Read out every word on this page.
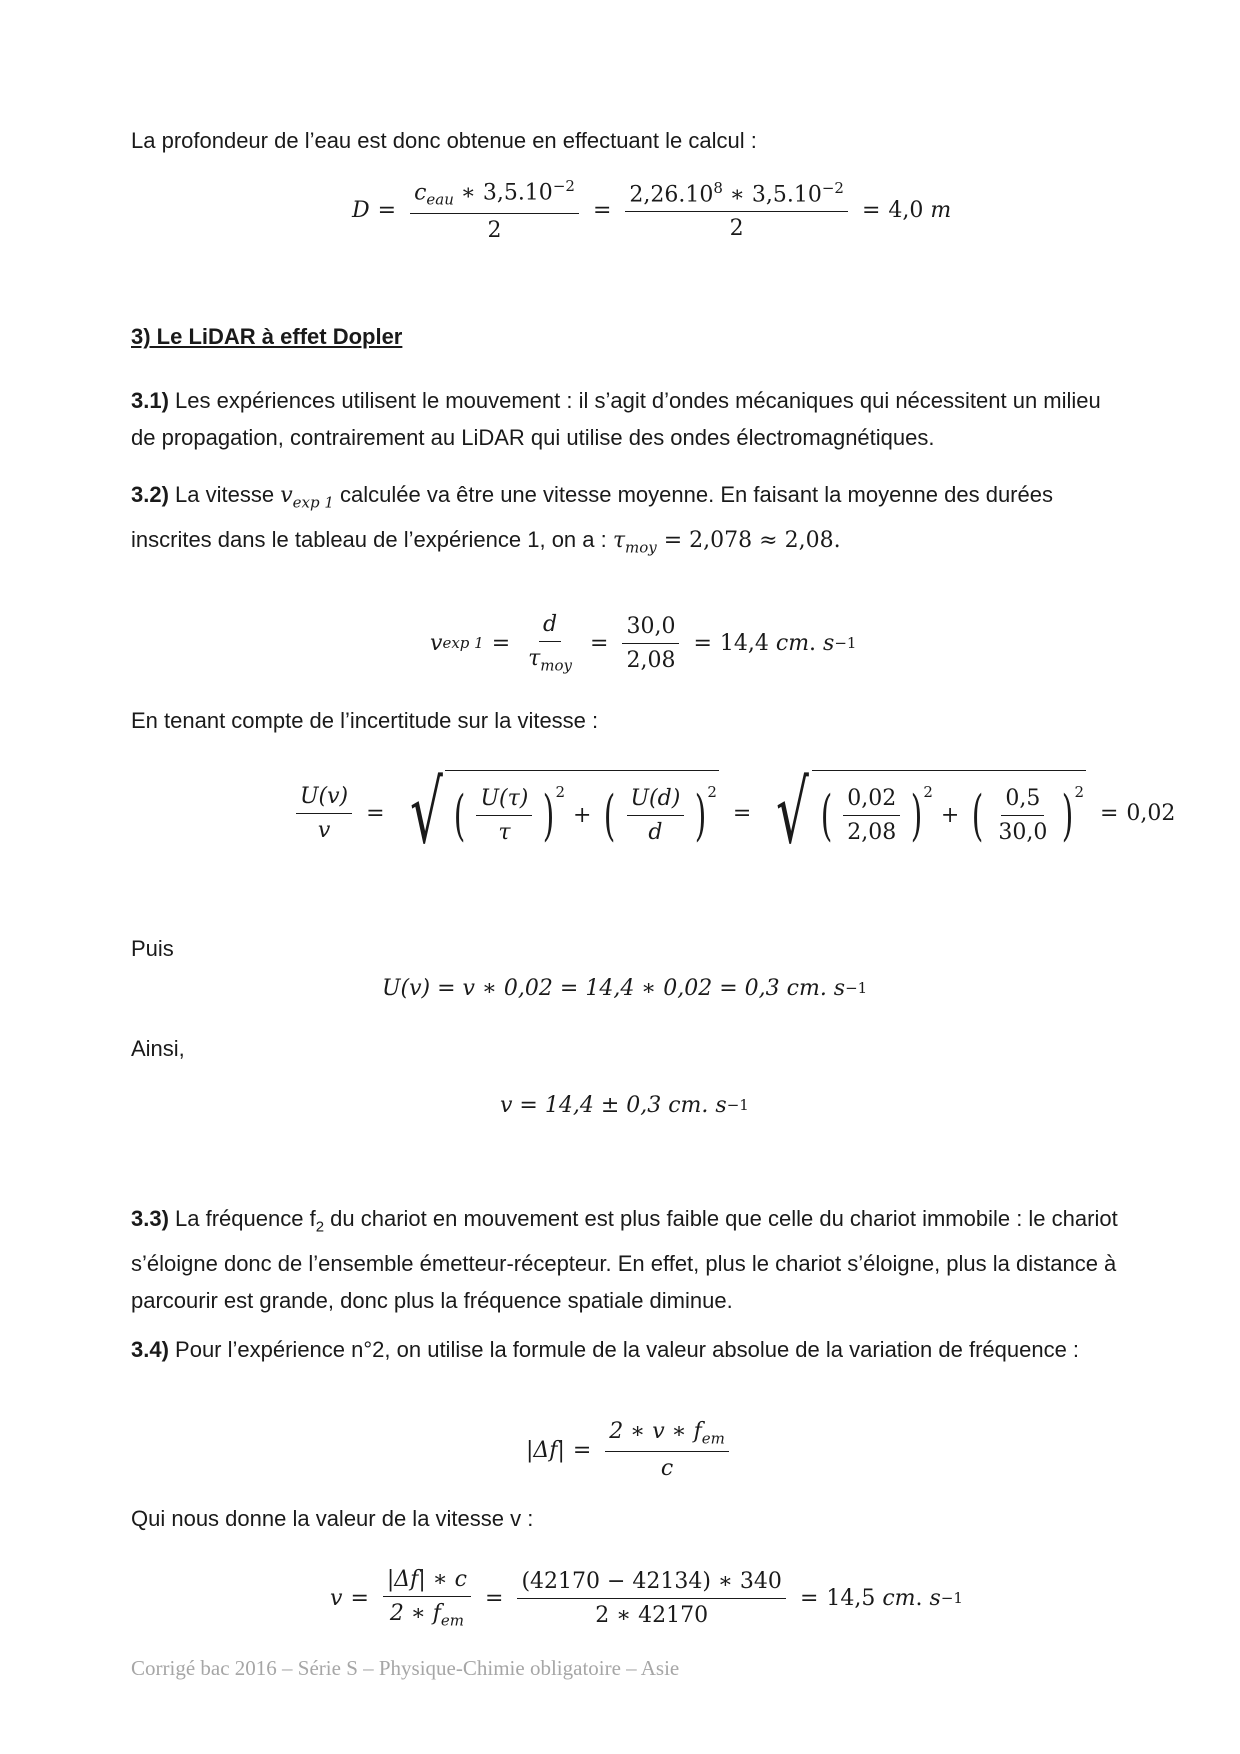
La profondeur de l’eau est donc obtenue en effectuant le calcul :

$D = \frac{c_{eau} ∗ 3,5.10^{-2}}{2} = \frac{2,26.10^8 ∗ 3,5.10^{-2}}{2} = 4,0$ 𝑚

3) Le LiDAR à effet Dopler

3.1) Les expériences utilisent le mouvement : il s’agit d’ondes mécaniques qui nécessitent un milieu de propagation, contrairement au LiDAR qui utilise des ondes électromagnétiques.

3.2) La vitesse $v_{exp 1}$ calculée va être une vitesse moyenne. En faisant la moyenne des durées inscrites dans le tableau de l’expérience 1, on a : $\tau_{moy} = 2,078 \approx 2,08$.

v $\exp 1 = \frac{d}{\tau_{moy}} = \frac{30,0}{2,08} = 14,4$ 𝑐𝑚. 𝑠 −1

En tenant compte de l’incertitude sur la vitesse :

$\frac{U(v)}{v}$ = √ ( $\frac{U(\tau)}{\tau}$ ) 2
+ ( $\frac{U(d)}{d}$ ) 2
= √ ( $\frac{0,02}{2,08}$ ) 2
+ ( $\frac{0,5}{30,0}$ ) 2
= 0,02

Puis

U(v) = v ∗ 0,02 = 14,4 ∗ 0,02 = 0,3 𝑐𝑚. 𝑠 −1

Ainsi,

v = 14,4 ± 0,3 𝑐𝑚. 𝑠 −1

3.3) La fréquence $f_2$ du chariot en mouvement est plus faible que celle du chariot immobile : le chariot s’éloigne donc de l’ensemble émetteur-récepteur. En effet, plus le chariot s’éloigne, plus la distance à parcourir est grande, donc plus la fréquence spatiale diminue.

3.4) Pour l’expérience n°2, on utilise la formule de la valeur absolue de la variation de fréquence :

$|\Delta f| = \frac{2 ∗ v ∗ f_{em}}{c}$

Qui nous donne la valeur de la vitesse v :

$v = \frac{|\Delta f| ∗ c}{2 ∗ f_{em}} = \frac{(42170 - 42134) ∗ 340}{2 ∗ 42170} = 14,5$ 𝑐𝑚. 𝑠 −1
Corrigé bac 2016 – Série S – Physique-Chimie obligatoire – Asie
